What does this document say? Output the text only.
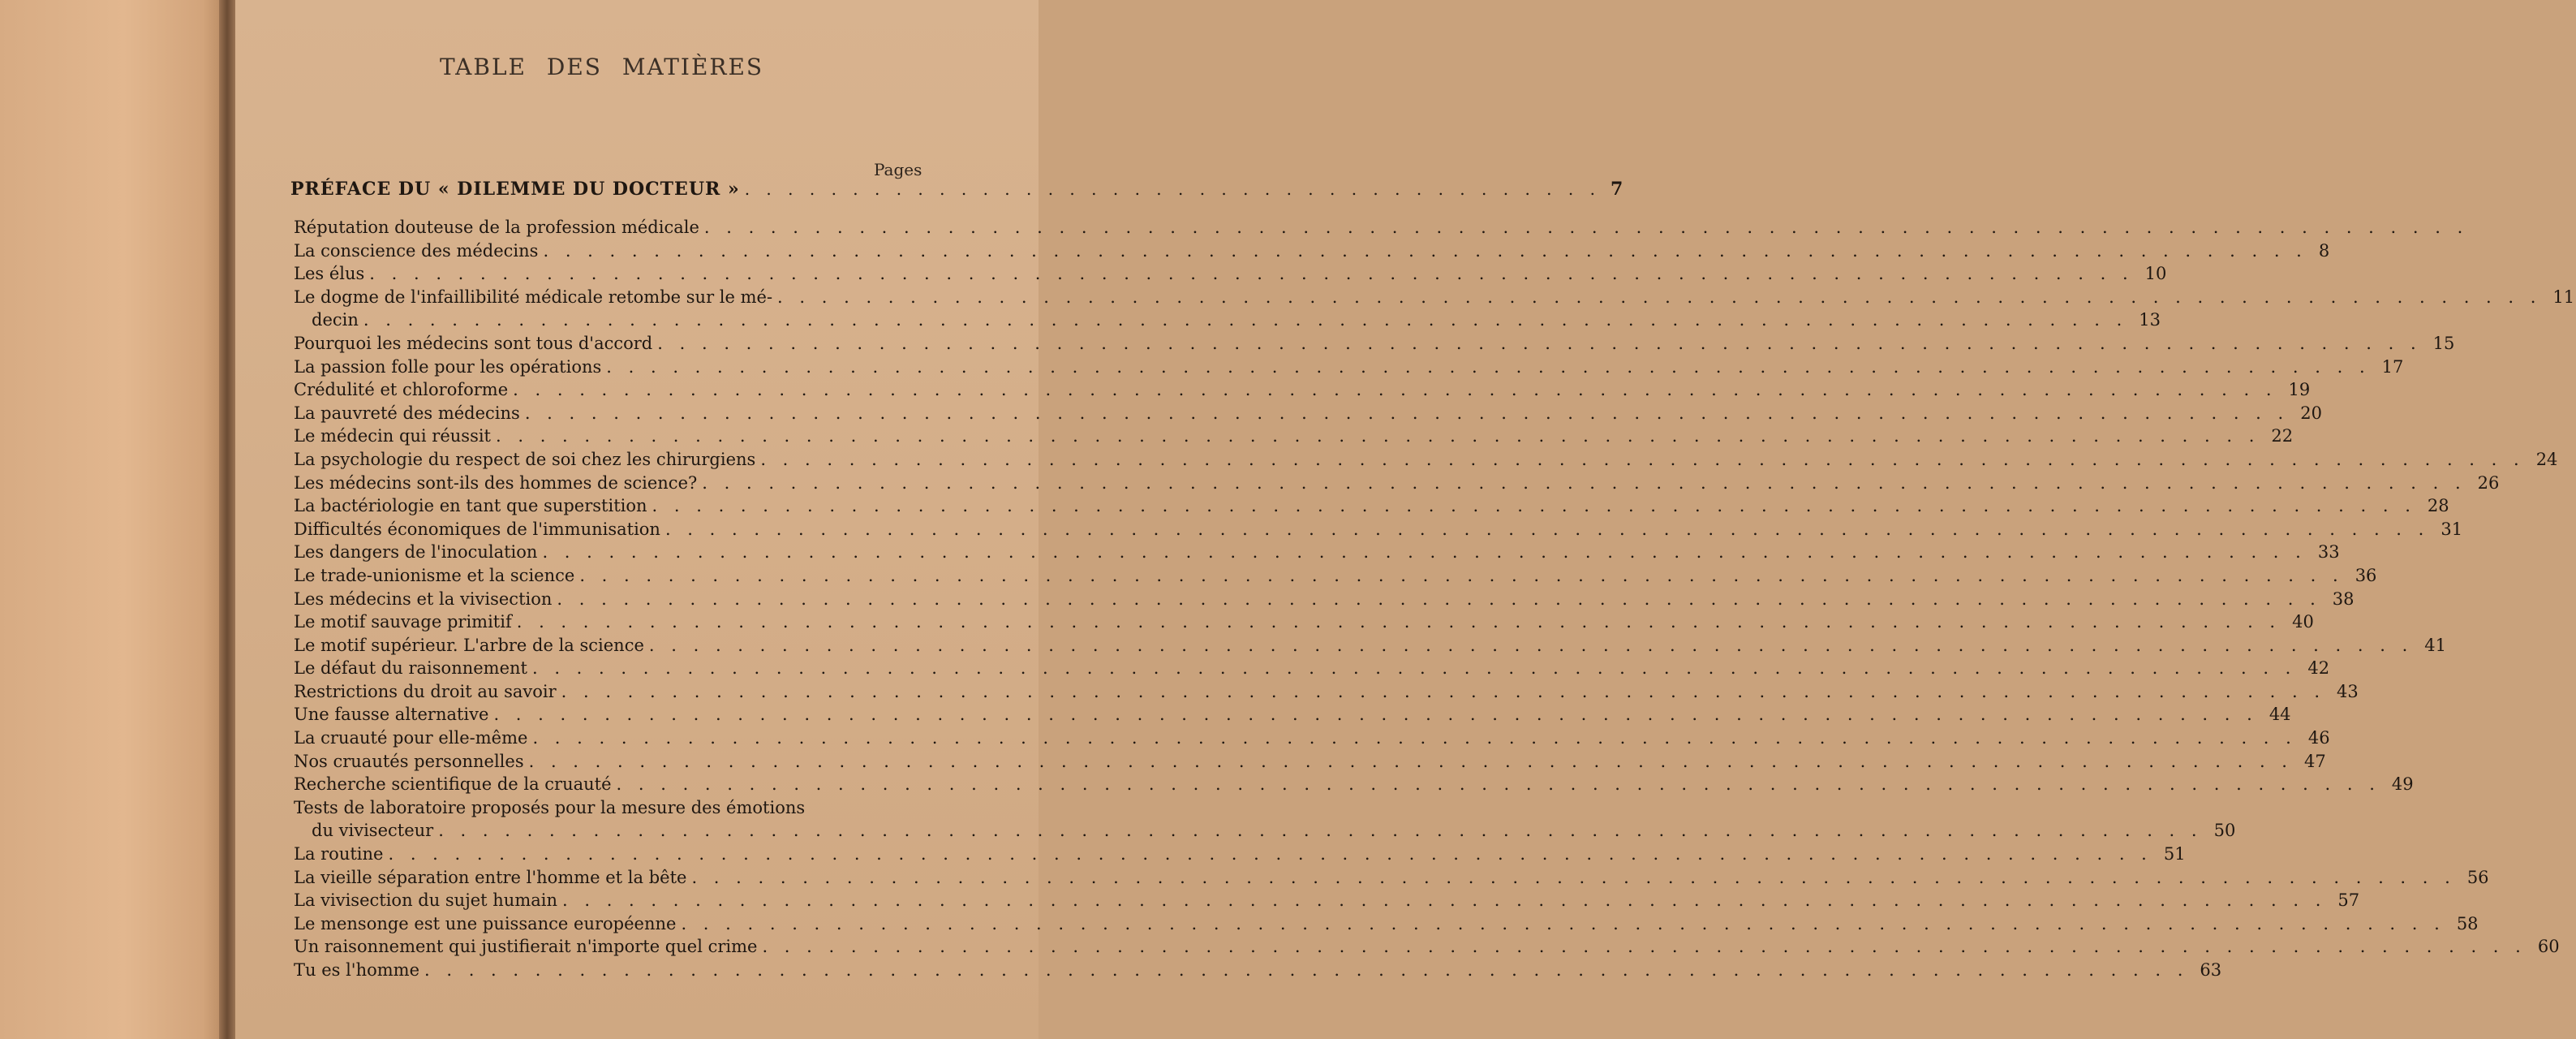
TABLE DES MATIÈRES
Pages
PRÉFACE DU « DILEMME DU DOCTEUR » . . . . . . . . . . . . . . . . . . . . . . . . . . . . . . . . . . . . . . . . 7
Réputation douteuse de la profession médicale . . . . . . . . . . . . . . . . . . . . . . . . . . . . . . . . . . . . . . . . . . . . . . . . . . . . . . . . . . . . . . . . . . . . . . . . . . . . . . . .
La conscience des médecins . . . . . . . . . . . . . . . . . . . . . . . . . . . . . . . . . . . . . . . . . . . . . . . . . . . . . . . . . . . . . . . . . . . . . . . . . . . . . . . . 8
Les élus . . . . . . . . . . . . . . . . . . . . . . . . . . . . . . . . . . . . . . . . . . . . . . . . . . . . . . . . . . . . . . . . . . . . . . . . . . . . . . . . 10
Le dogme de l'infaillibilité médicale retombe sur le mé- . . . . . . . . . . . . . . . . . . . . . . . . . . . . . . . . . . . . . . . . . . . . . . . . . . . . . . . . . . . . . . . . . . . . . . . . . . . . . . . . 11
decin . . . . . . . . . . . . . . . . . . . . . . . . . . . . . . . . . . . . . . . . . . . . . . . . . . . . . . . . . . . . . . . . . . . . . . . . . . . . . . . . 13
Pourquoi les médecins sont tous d'accord . . . . . . . . . . . . . . . . . . . . . . . . . . . . . . . . . . . . . . . . . . . . . . . . . . . . . . . . . . . . . . . . . . . . . . . . . . . . . . . . 15
La passion folle pour les opérations . . . . . . . . . . . . . . . . . . . . . . . . . . . . . . . . . . . . . . . . . . . . . . . . . . . . . . . . . . . . . . . . . . . . . . . . . . . . . . . . 17
Crédulité et chloroforme . . . . . . . . . . . . . . . . . . . . . . . . . . . . . . . . . . . . . . . . . . . . . . . . . . . . . . . . . . . . . . . . . . . . . . . . . . . . . . . . 19
La pauvreté des médecins . . . . . . . . . . . . . . . . . . . . . . . . . . . . . . . . . . . . . . . . . . . . . . . . . . . . . . . . . . . . . . . . . . . . . . . . . . . . . . . . 20
Le médecin qui réussit . . . . . . . . . . . . . . . . . . . . . . . . . . . . . . . . . . . . . . . . . . . . . . . . . . . . . . . . . . . . . . . . . . . . . . . . . . . . . . . . 22
La psychologie du respect de soi chez les chirurgiens . . . . . . . . . . . . . . . . . . . . . . . . . . . . . . . . . . . . . . . . . . . . . . . . . . . . . . . . . . . . . . . . . . . . . . . . . . . . . . . . 24
Les médecins sont-ils des hommes de science? . . . . . . . . . . . . . . . . . . . . . . . . . . . . . . . . . . . . . . . . . . . . . . . . . . . . . . . . . . . . . . . . . . . . . . . . . . . . . . . . 26
La bactériologie en tant que superstition . . . . . . . . . . . . . . . . . . . . . . . . . . . . . . . . . . . . . . . . . . . . . . . . . . . . . . . . . . . . . . . . . . . . . . . . . . . . . . . . 28
Difficultés économiques de l'immunisation . . . . . . . . . . . . . . . . . . . . . . . . . . . . . . . . . . . . . . . . . . . . . . . . . . . . . . . . . . . . . . . . . . . . . . . . . . . . . . . . 31
Les dangers de l'inoculation . . . . . . . . . . . . . . . . . . . . . . . . . . . . . . . . . . . . . . . . . . . . . . . . . . . . . . . . . . . . . . . . . . . . . . . . . . . . . . . . 33
Le trade-unionisme et la science . . . . . . . . . . . . . . . . . . . . . . . . . . . . . . . . . . . . . . . . . . . . . . . . . . . . . . . . . . . . . . . . . . . . . . . . . . . . . . . . 36
Les médecins et la vivisection . . . . . . . . . . . . . . . . . . . . . . . . . . . . . . . . . . . . . . . . . . . . . . . . . . . . . . . . . . . . . . . . . . . . . . . . . . . . . . . . 38
Le motif sauvage primitif . . . . . . . . . . . . . . . . . . . . . . . . . . . . . . . . . . . . . . . . . . . . . . . . . . . . . . . . . . . . . . . . . . . . . . . . . . . . . . . . 40
Le motif supérieur. L'arbre de la science . . . . . . . . . . . . . . . . . . . . . . . . . . . . . . . . . . . . . . . . . . . . . . . . . . . . . . . . . . . . . . . . . . . . . . . . . . . . . . . . 41
Le défaut du raisonnement . . . . . . . . . . . . . . . . . . . . . . . . . . . . . . . . . . . . . . . . . . . . . . . . . . . . . . . . . . . . . . . . . . . . . . . . . . . . . . . . 42
Restrictions du droit au savoir . . . . . . . . . . . . . . . . . . . . . . . . . . . . . . . . . . . . . . . . . . . . . . . . . . . . . . . . . . . . . . . . . . . . . . . . . . . . . . . . 43
Une fausse alternative . . . . . . . . . . . . . . . . . . . . . . . . . . . . . . . . . . . . . . . . . . . . . . . . . . . . . . . . . . . . . . . . . . . . . . . . . . . . . . . . 44
La cruauté pour elle-même . . . . . . . . . . . . . . . . . . . . . . . . . . . . . . . . . . . . . . . . . . . . . . . . . . . . . . . . . . . . . . . . . . . . . . . . . . . . . . . . 46
Nos cruautés personnelles . . . . . . . . . . . . . . . . . . . . . . . . . . . . . . . . . . . . . . . . . . . . . . . . . . . . . . . . . . . . . . . . . . . . . . . . . . . . . . . . 47
Recherche scientifique de la cruauté . . . . . . . . . . . . . . . . . . . . . . . . . . . . . . . . . . . . . . . . . . . . . . . . . . . . . . . . . . . . . . . . . . . . . . . . . . . . . . . . 49
Tests de laboratoire proposés pour la mesure des émotions
du vivisecteur . . . . . . . . . . . . . . . . . . . . . . . . . . . . . . . . . . . . . . . . . . . . . . . . . . . . . . . . . . . . . . . . . . . . . . . . . . . . . . . . 50
La routine . . . . . . . . . . . . . . . . . . . . . . . . . . . . . . . . . . . . . . . . . . . . . . . . . . . . . . . . . . . . . . . . . . . . . . . . . . . . . . . . 51
La vieille séparation entre l'homme et la bête . . . . . . . . . . . . . . . . . . . . . . . . . . . . . . . . . . . . . . . . . . . . . . . . . . . . . . . . . . . . . . . . . . . . . . . . . . . . . . . . 56
La vivisection du sujet humain . . . . . . . . . . . . . . . . . . . . . . . . . . . . . . . . . . . . . . . . . . . . . . . . . . . . . . . . . . . . . . . . . . . . . . . . . . . . . . . . 57
Le mensonge est une puissance européenne . . . . . . . . . . . . . . . . . . . . . . . . . . . . . . . . . . . . . . . . . . . . . . . . . . . . . . . . . . . . . . . . . . . . . . . . . . . . . . . . 58
Un raisonnement qui justifierait n'importe quel crime . . . . . . . . . . . . . . . . . . . . . . . . . . . . . . . . . . . . . . . . . . . . . . . . . . . . . . . . . . . . . . . . . . . . . . . . . . . . . . . . 60
Tu es l'homme . . . . . . . . . . . . . . . . . . . . . . . . . . . . . . . . . . . . . . . . . . . . . . . . . . . . . . . . . . . . . . . . . . . . . . . . . . . . . . . . 63
